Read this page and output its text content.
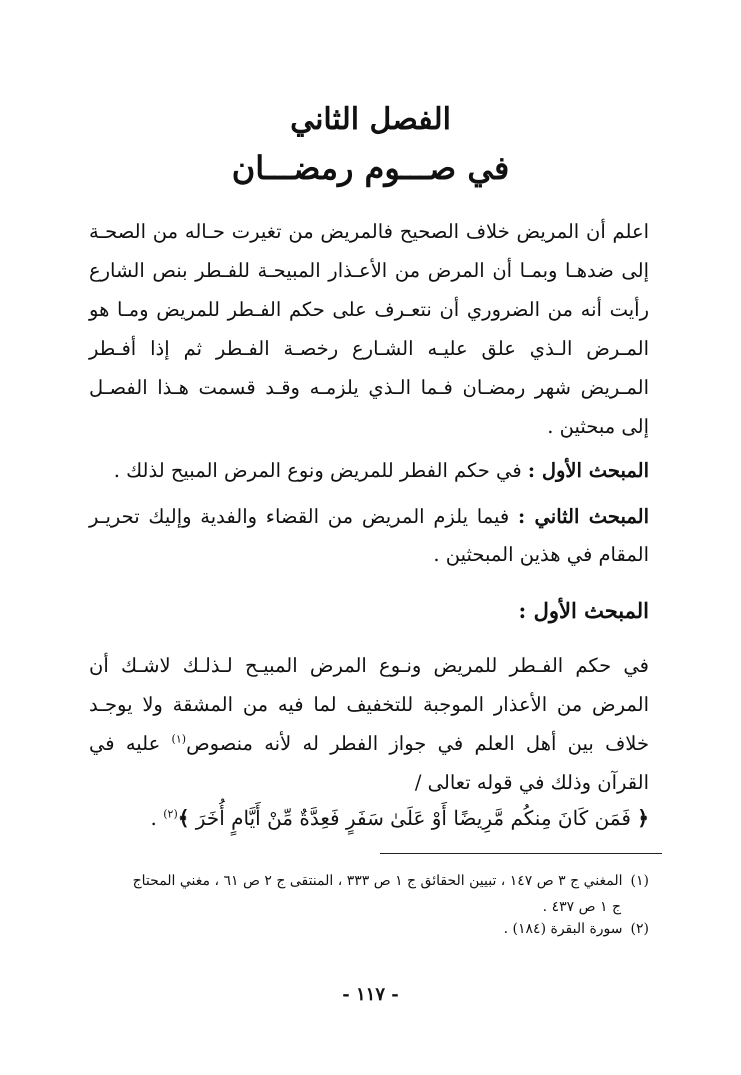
الفصل الثاني
في صـــوم رمضـــان
اعلم أن المريض خلاف الصحيح فالمريض من تغيرت حـاله من الصحـة إلى ضدهـا وبمـا أن المرض من الأعـذار المبيحـة للفـطر بنص الشارع رأيت أنه من الضروري أن نتعـرف على حكم الفـطر للمريض ومـا هو المـرض الـذي علق عليـه الشـارع رخصـة الفـطر ثم إذا أفـطر المـريض شهر رمضـان فـما الـذي يلزمـه وقـد قسمت هـذا الفصـل إلى مبحثين .
المبحث الأول : في حكم الفطر للمريض ونوع المرض المبيح لذلك .
المبحث الثاني : فيما يلزم المريض من القضاء والفدية وإليك تحريـر المقام في هذين المبحثين .
المبحث الأول :
في حكم الفـطر للمريض ونـوع المرض المبيـح لـذلـك لاشـك أن المرض من الأعذار الموجبة للتخفيف لما فيه من المشقة ولا يوجـد خلاف بين أهل العلم في جواز الفطر له لأنه منصوص$^{(١)}$ عليه في القرآن وذلك في قوله تعالى /
﴿ فَمَن كَانَ مِنكُم مَّرِيضًا أَوْ عَلَىٰ سَفَرٍ فَعِدَّةٌ مِّنْ أَيَّامٍ أُخَرَ ﴾$^{(٢)}$ .
(١)المغني ج ٣ ص ١٤٧ ، تبيين الحقائق ج ١ ص ٣٣٣ ، المنتقى ج ٢ ص ٦١ ، مغني المحتاج
ج ١ ص ٤٣٧ .
(٢)سورة البقرة (١٨٤) .
- ١١٧ -
